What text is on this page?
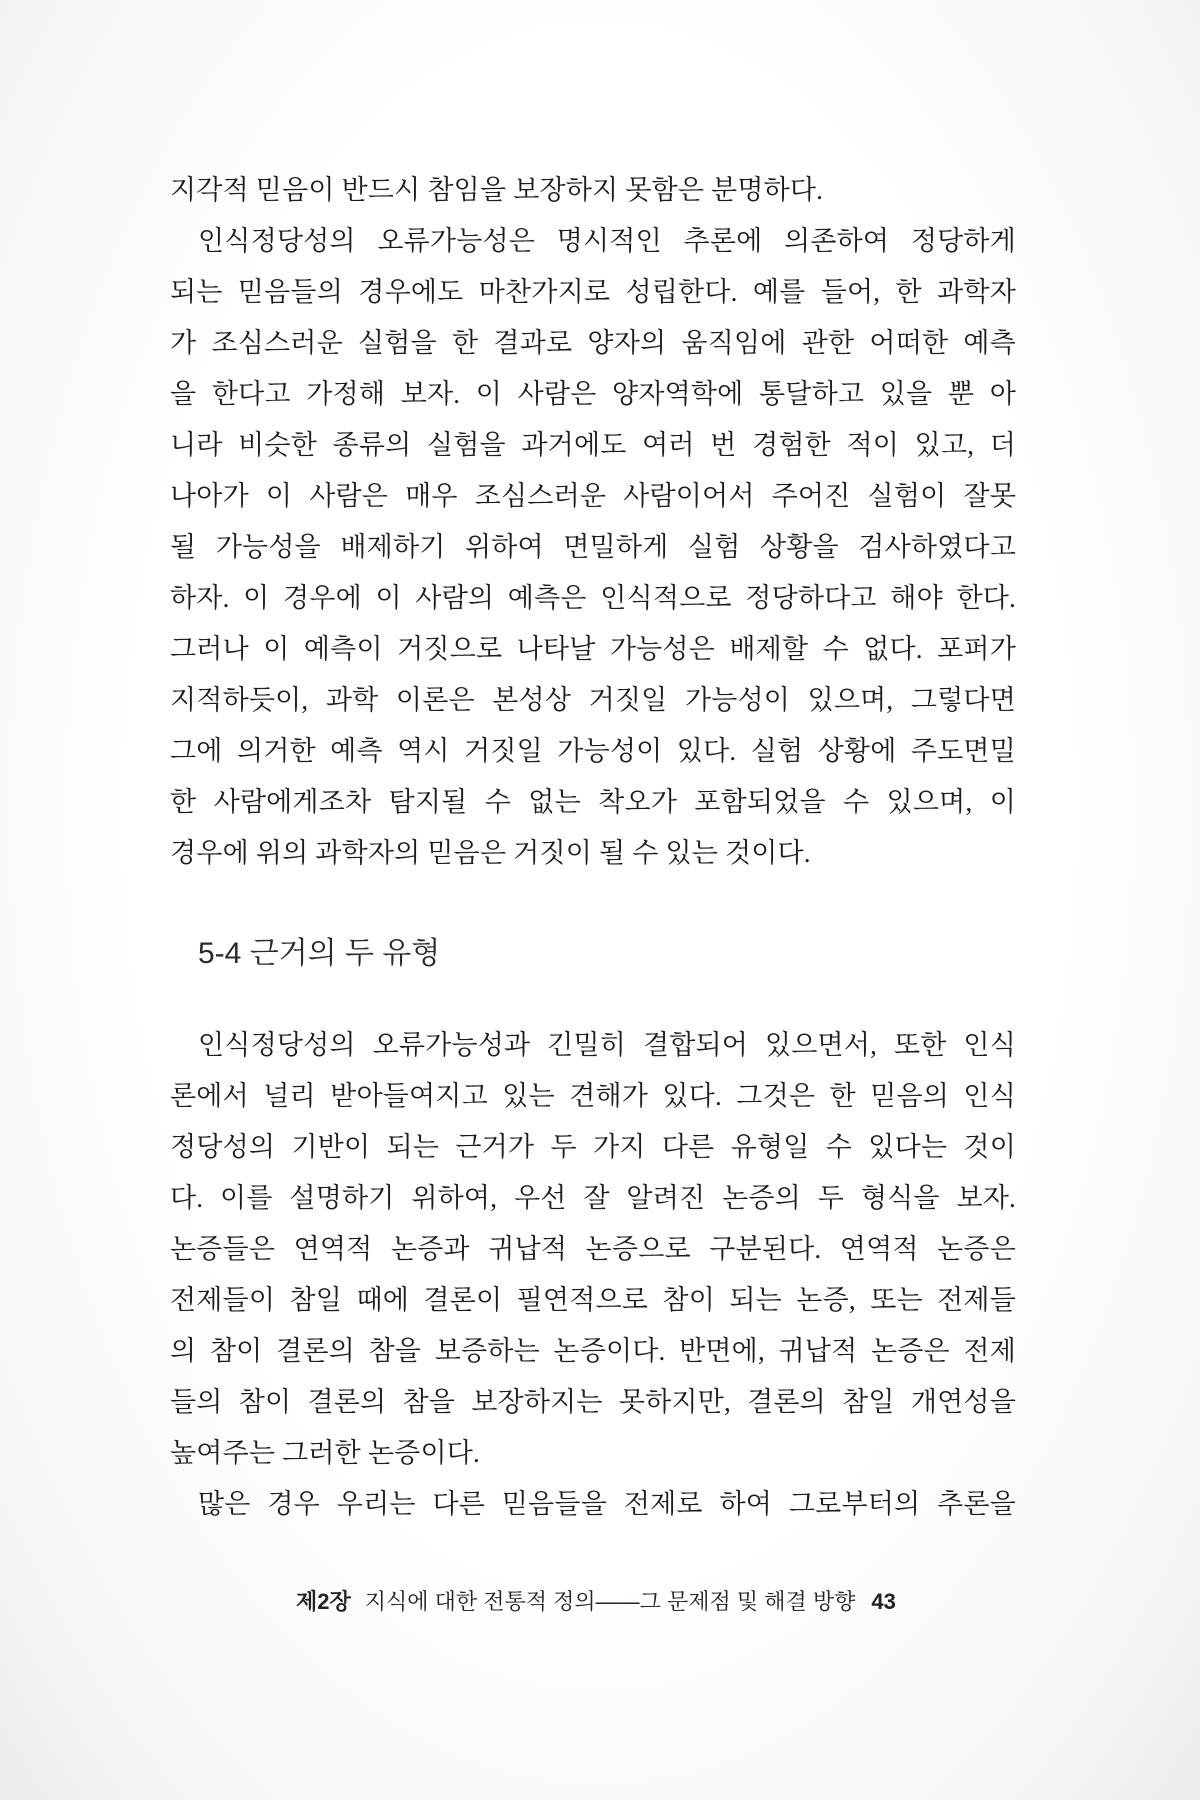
지각적 믿음이 반드시 참임을 보장하지 못함은 분명하다.
인식정당성의 오류가능성은 명시적인 추론에 의존하여 정당하게
되는 믿음들의 경우에도 마찬가지로 성립한다. 예를 들어, 한 과학자
가 조심스러운 실험을 한 결과로 양자의 움직임에 관한 어떠한 예측
을 한다고 가정해 보자. 이 사람은 양자역학에 통달하고 있을 뿐 아
니라 비슷한 종류의 실험을 과거에도 여러 번 경험한 적이 있고, 더
나아가 이 사람은 매우 조심스러운 사람이어서 주어진 실험이 잘못
될 가능성을 배제하기 위하여 면밀하게 실험 상황을 검사하였다고
하자. 이 경우에 이 사람의 예측은 인식적으로 정당하다고 해야 한다.
그러나 이 예측이 거짓으로 나타날 가능성은 배제할 수 없다. 포퍼가
지적하듯이, 과학 이론은 본성상 거짓일 가능성이 있으며, 그렇다면
그에 의거한 예측 역시 거짓일 가능성이 있다. 실험 상황에 주도면밀
한 사람에게조차 탐지될 수 없는 착오가 포함되었을 수 있으며, 이
경우에 위의 과학자의 믿음은 거짓이 될 수 있는 것이다.
5-4 근거의 두 유형
인식정당성의 오류가능성과 긴밀히 결합되어 있으면서, 또한 인식
론에서 널리 받아들여지고 있는 견해가 있다. 그것은 한 믿음의 인식
정당성의 기반이 되는 근거가 두 가지 다른 유형일 수 있다는 것이
다. 이를 설명하기 위하여, 우선 잘 알려진 논증의 두 형식을 보자.
논증들은 연역적 논증과 귀납적 논증으로 구분된다. 연역적 논증은
전제들이 참일 때에 결론이 필연적으로 참이 되는 논증, 또는 전제들
의 참이 결론의 참을 보증하는 논증이다. 반면에, 귀납적 논증은 전제
들의 참이 결론의 참을 보장하지는 못하지만, 결론의 참일 개연성을
높여주는 그러한 논증이다.
많은 경우 우리는 다른 믿음들을 전제로 하여 그로부터의 추론을
제2장 지식에 대한 전통적 정의——그 문제점 및 해결 방향 43
